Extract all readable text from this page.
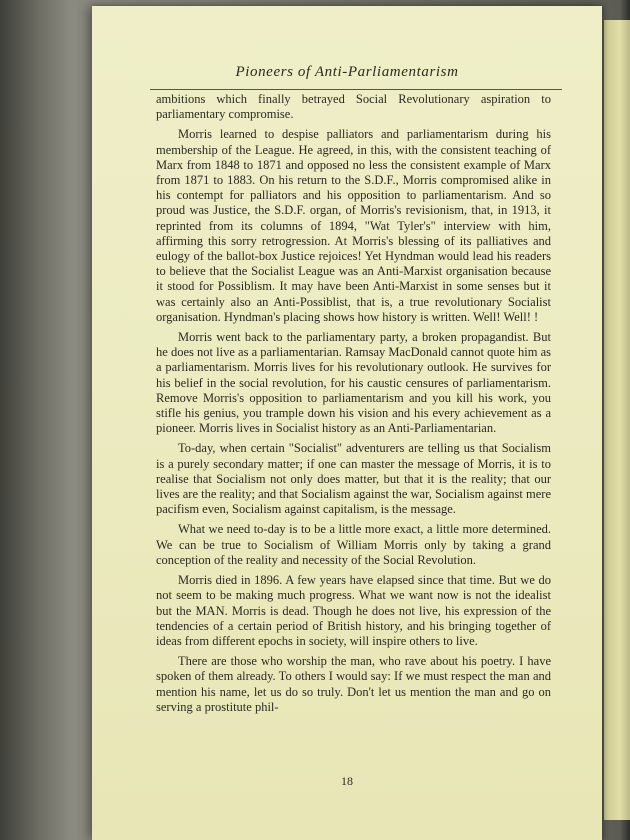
Pioneers of Anti-Parliamentarism

ambitions which finally betrayed Social Revolutionary aspiration to parliamentary compromise.

Morris learned to despise palliators and parliamentarism during his membership of the League. He agreed, in this, with the consistent teaching of Marx from 1848 to 1871 and opposed no less the consistent example of Marx from 1871 to 1883. On his return to the S.D.F., Morris compromised alike in his contempt for palliators and his opposition to parliamentarism. And so proud was Justice, the S.D.F. organ, of Morris's revisionism, that, in 1913, it reprinted from its columns of 1894, "Wat Tyler's" interview with him, affirming this sorry retrogression. At Morris's blessing of its palliatives and eulogy of the ballot-box Justice rejoices! Yet Hyndman would lead his readers to believe that the Socialist League was an Anti-Marxist organisation because it stood for Possiblism. It may have been Anti-Marxist in some senses but it was certainly also an Anti-Possiblist, that is, a true revolutionary Socialist organisation. Hyndman's placing shows how history is written. Well! Well! !

Morris went back to the parliamentary party, a broken propagandist. But he does not live as a parliamentarian. Ramsay MacDonald cannot quote him as a parliamentarism. Morris lives for his revolutionary outlook. He survives for his belief in the social revolution, for his caustic censures of parliamentarism. Remove Morris's opposition to parliamentarism and you kill his work, you stifle his genius, you trample down his vision and his every achievement as a pioneer. Morris lives in Socialist history as an Anti-Parliamentarian.

To-day, when certain "Socialist" adventurers are telling us that Socialism is a purely secondary matter; if one can master the message of Morris, it is to realise that Socialism not only does matter, but that it is the reality; that our lives are the reality; and that Socialism against the war, Socialism against mere pacifism even, Socialism against capitalism, is the message.

What we need to-day is to be a little more exact, a little more determined. We can be true to Socialism of William Morris only by taking a grand conception of the reality and necessity of the Social Revolution.

Morris died in 1896. A few years have elapsed since that time. But we do not seem to be making much progress. What we want now is not the idealist but the MAN. Morris is dead. Though he does not live, his expression of the tendencies of a certain period of British history, and his bringing together of ideas from different epochs in society, will inspire others to live.

There are those who worship the man, who rave about his poetry. I have spoken of them already. To others I would say: If we must respect the man and mention his name, let us do so truly. Don't let us mention the man and go on serving a prostitute phil-

18
